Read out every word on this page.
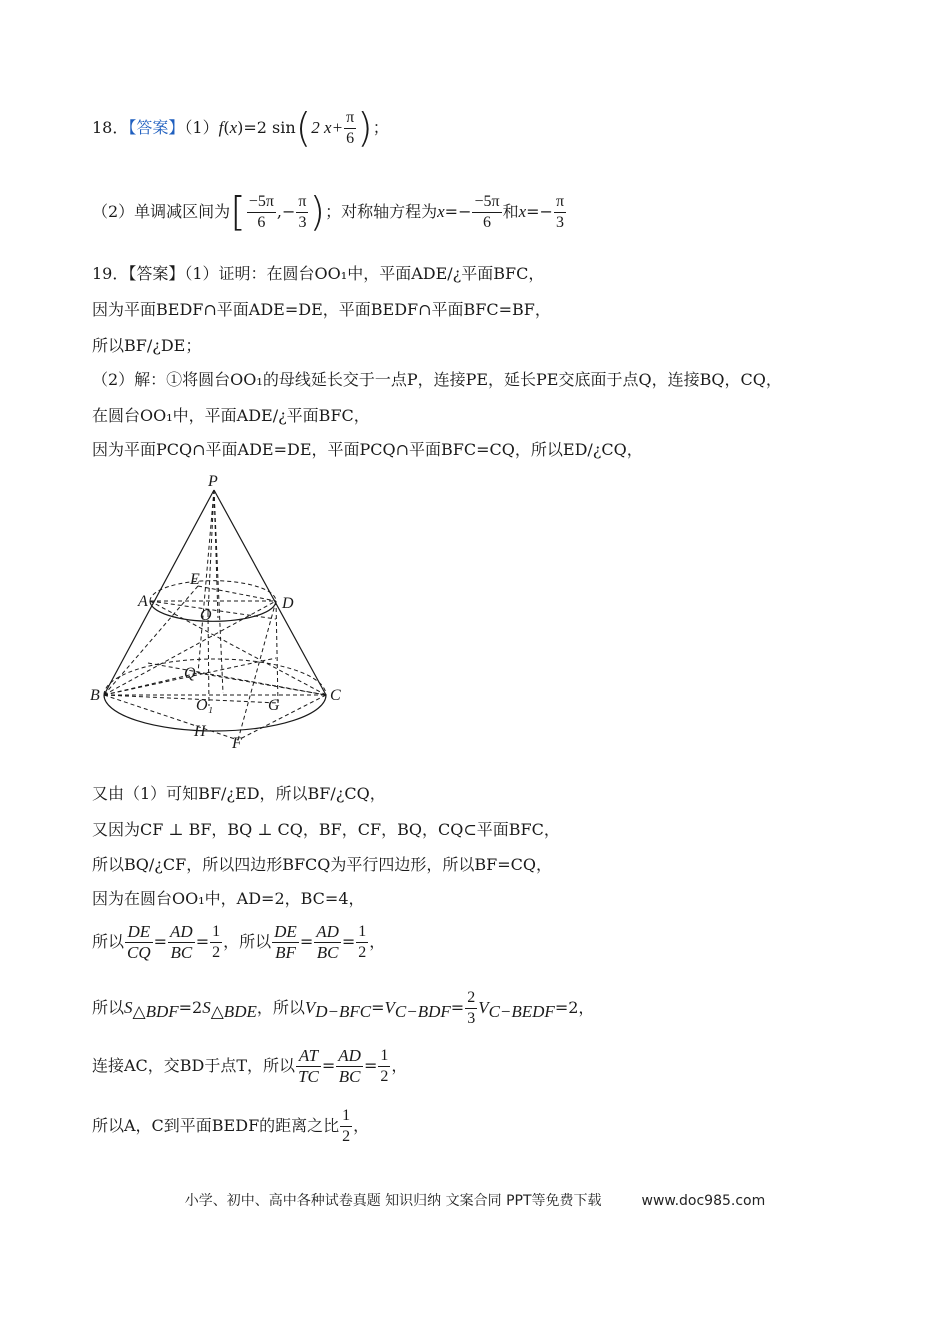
18．【答案】（1）f(x)=2 sin(2 $x+ \frac{\pi}{6}$ )；
（2）单调减区间为[ $\frac{-5\pi}{6}$ ,− $\frac{\pi}{3}$ )；对称轴方程为$x=- \frac{-5\pi}{6}$ 和$x=- \frac{\pi}{3}$
19．【答案】（1）证明：在圆台OO₁中，平面ADE/¿平面BFC，
因为平面BEDF∩平面ADE=DE，平面BEDF∩平面BFC=BF，
所以BF/¿DE；
（2）解：①将圆台OO₁的母线延长交于一点P，连接PE，延长PE交底面于点Q，连接BQ，CQ，
在圆台OO₁中，平面ADE/¿平面BFC，
因为平面PCQ∩平面ADE=DE，平面PCQ∩平面BFC=CQ，所以ED/¿CQ，
P
E
A	D
O
Q
B	C
O₁	G
H
F
又由（1）可知BF/¿ED，所以BF/¿CQ，
又因为CF ⊥ BF，BQ ⊥ CQ，BF，CF，BQ，CQ⊂平面BFC，
所以BQ/¿CF，所以四边形BFCQ为平行四边形，所以BF=CQ，
因为在圆台OO₁中，AD=2，BC=4，
所以 $\frac{DE}{CQ} = \frac{AD}{BC} = \frac{1}{2}$ ，所以 $\frac{DE}{BF} = \frac{AD}{BC} = \frac{1}{2}$ ，
所以$S_{\triangle BDF}=2S_{\triangle BDE}$，所以$V_{D-BFC}=V_{C-BDF}= \frac{2}{3} V_{C-BEDF}=2$，
连接AC，交BD于点T，所以 $\frac{AT}{TC} = \frac{AD}{BC} = \frac{1}{2}$ ，
所以A，C到平面BEDF的距离之比 $\frac{1}{2}$ ，
小学、初中、高中各种试卷真题 知识归纳 文案合同 PPT等免费下载	www.doc985.com
